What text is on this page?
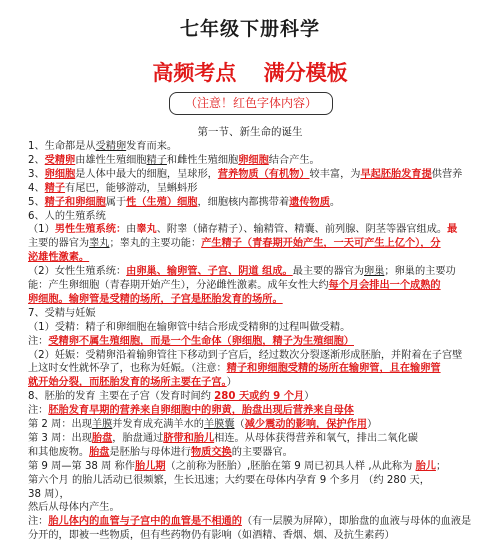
七年级下册科学
高频考点 满分模板
（注意！红色字体内容）
第一节、新生命的诞生
1、生命都是从受精卵发育而来。
2、受精卵由雄性生殖细胞精子和雌性生殖细胞卵细胞结合产生。
3、卵细胞是人体中最大的细胞，呈球形，营养物质（有机物）较丰富，为早起胚胎发育提供营养
4、精子有尾巴，能够游动，呈蝌蚪形
5、精子和卵细胞属于性（生殖）细胞，细胞核内都携带着遗传物质。
6、人的生殖系统
（1）男性生殖系统：由睾丸、附睾（储存精子）、输精管、精囊、前列腺、阴茎等器官组成。最
主要的器官为睾丸；睾丸的主要功能：产生精子（青春期开始产生，一天可产生上亿个），分
泌雄性激素。
（2）女性生殖系统：由卵巢、输卵管、子宫、阴道 组成。最主要的器官为卵巢；卵巢的主要功
能：产生卵细胞（青春期开始产生），分泌雌性激素。成年女性大约每个月会排出一个成熟的
卵细胞。输卵管是受精的场所，子宫是胚胎发育的场所。
7、受精与妊娠
（1）受精：精子和卵细胞在输卵管中结合形成受精卵的过程叫做受精。
注：受精卵不属生殖细胞，而是一个生命体（卵细胞，精子为生殖细胞）
（2）妊娠：受精卵沿着输卵管往下移动到子宫后，经过数次分裂逐渐形成胚胎，并附着在子宫壁
上这时女性就怀孕了，也称为妊娠。（注意：精子和卵细胞受精的场所在输卵管，且在输卵管
就开始分裂，而胚胎发育的场所主要在子宫。）
8、胚胎的发育 主要在子宫（发育时间约 280 天或约 9 个月）
注：胚胎发育早期的营养来自卵细胞中的卵黄，胎盘出现后营养来自母体
第 2 周：出现羊膜并发育成充满羊水的羊膜囊（减少震动的影响，保护作用）
第 3 周：出现胎盘，胎盘通过脐带和胎儿相连。从母体获得营养和氧气，排出二氧化碳
和其他废物。胎盘是胚胎与母体进行物质交换的主要器官。
第 9 周—第 38 周 称作胎儿期（之前称为胚胎）,胚胎在第 9 周已初具人样 ,从此称为 胎儿；
第六个月 的胎儿活动已很频繁，生长迅速；大约要在母体内孕育 9 个多月 （约 280 天，
38 周），
然后从母体内产生。
注：胎儿体内的血管与子宫中的血管是不相通的（有一层膜为屏障），即胎盘的血液与母体的血液是
分开的，即被一些物质，但有些药物仍有影响（如酒精、香烟、烟、及抗生素药）
